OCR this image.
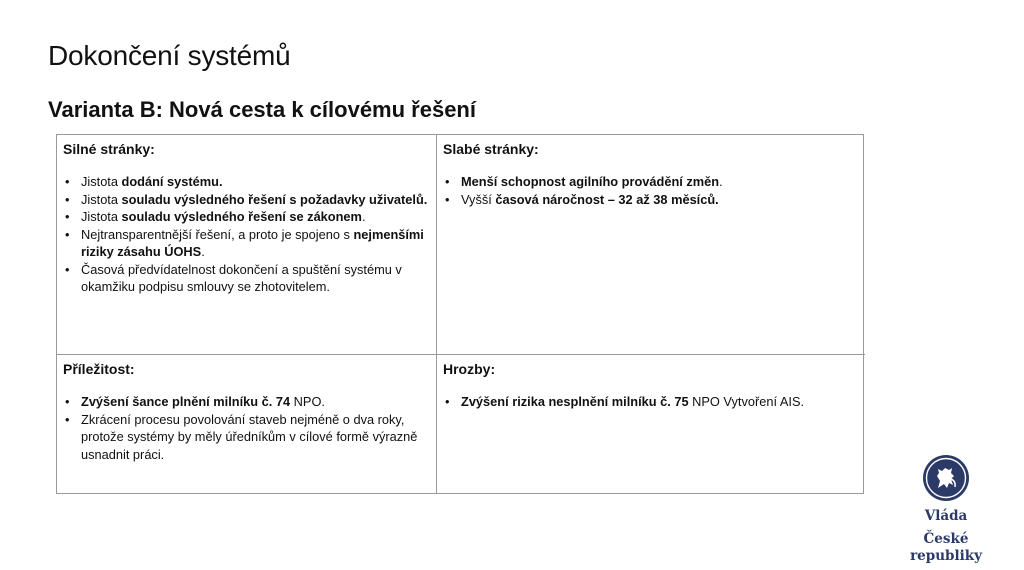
Dokončení systémů
Varianta B: Nová cesta k cílovému řešení
Silné stránky:
• Jistota dodání systému.
• Jistota souladu výsledného řešení s požadavky uživatelů.
• Jistota souladu výsledného řešení se zákonem.
• Nejtransparentnější řešení, a proto je spojeno s nejmenšími riziky zásahu ÚOHS.
• Časová předvídatelnost dokončení a spuštění systému v okamžiku podpisu smlouvy se zhotovitelem.
Slabé stránky:
• Menší schopnost agilního provádění změn.
• Vyšší časová náročnost – 32 až 38 měsíců.
Příležitost:
• Zvýšení šance plnění milníku č. 74 NPO.
• Zkrácení procesu povolování staveb nejméně o dva roky, protože systémy by měly úředníkům v cílové formě výrazně usnadnit práci.
Hrozby:
• Zvýšení rizika nesplnění milníku č. 75 NPO Vytvoření AIS.
Vláda
České republiky
